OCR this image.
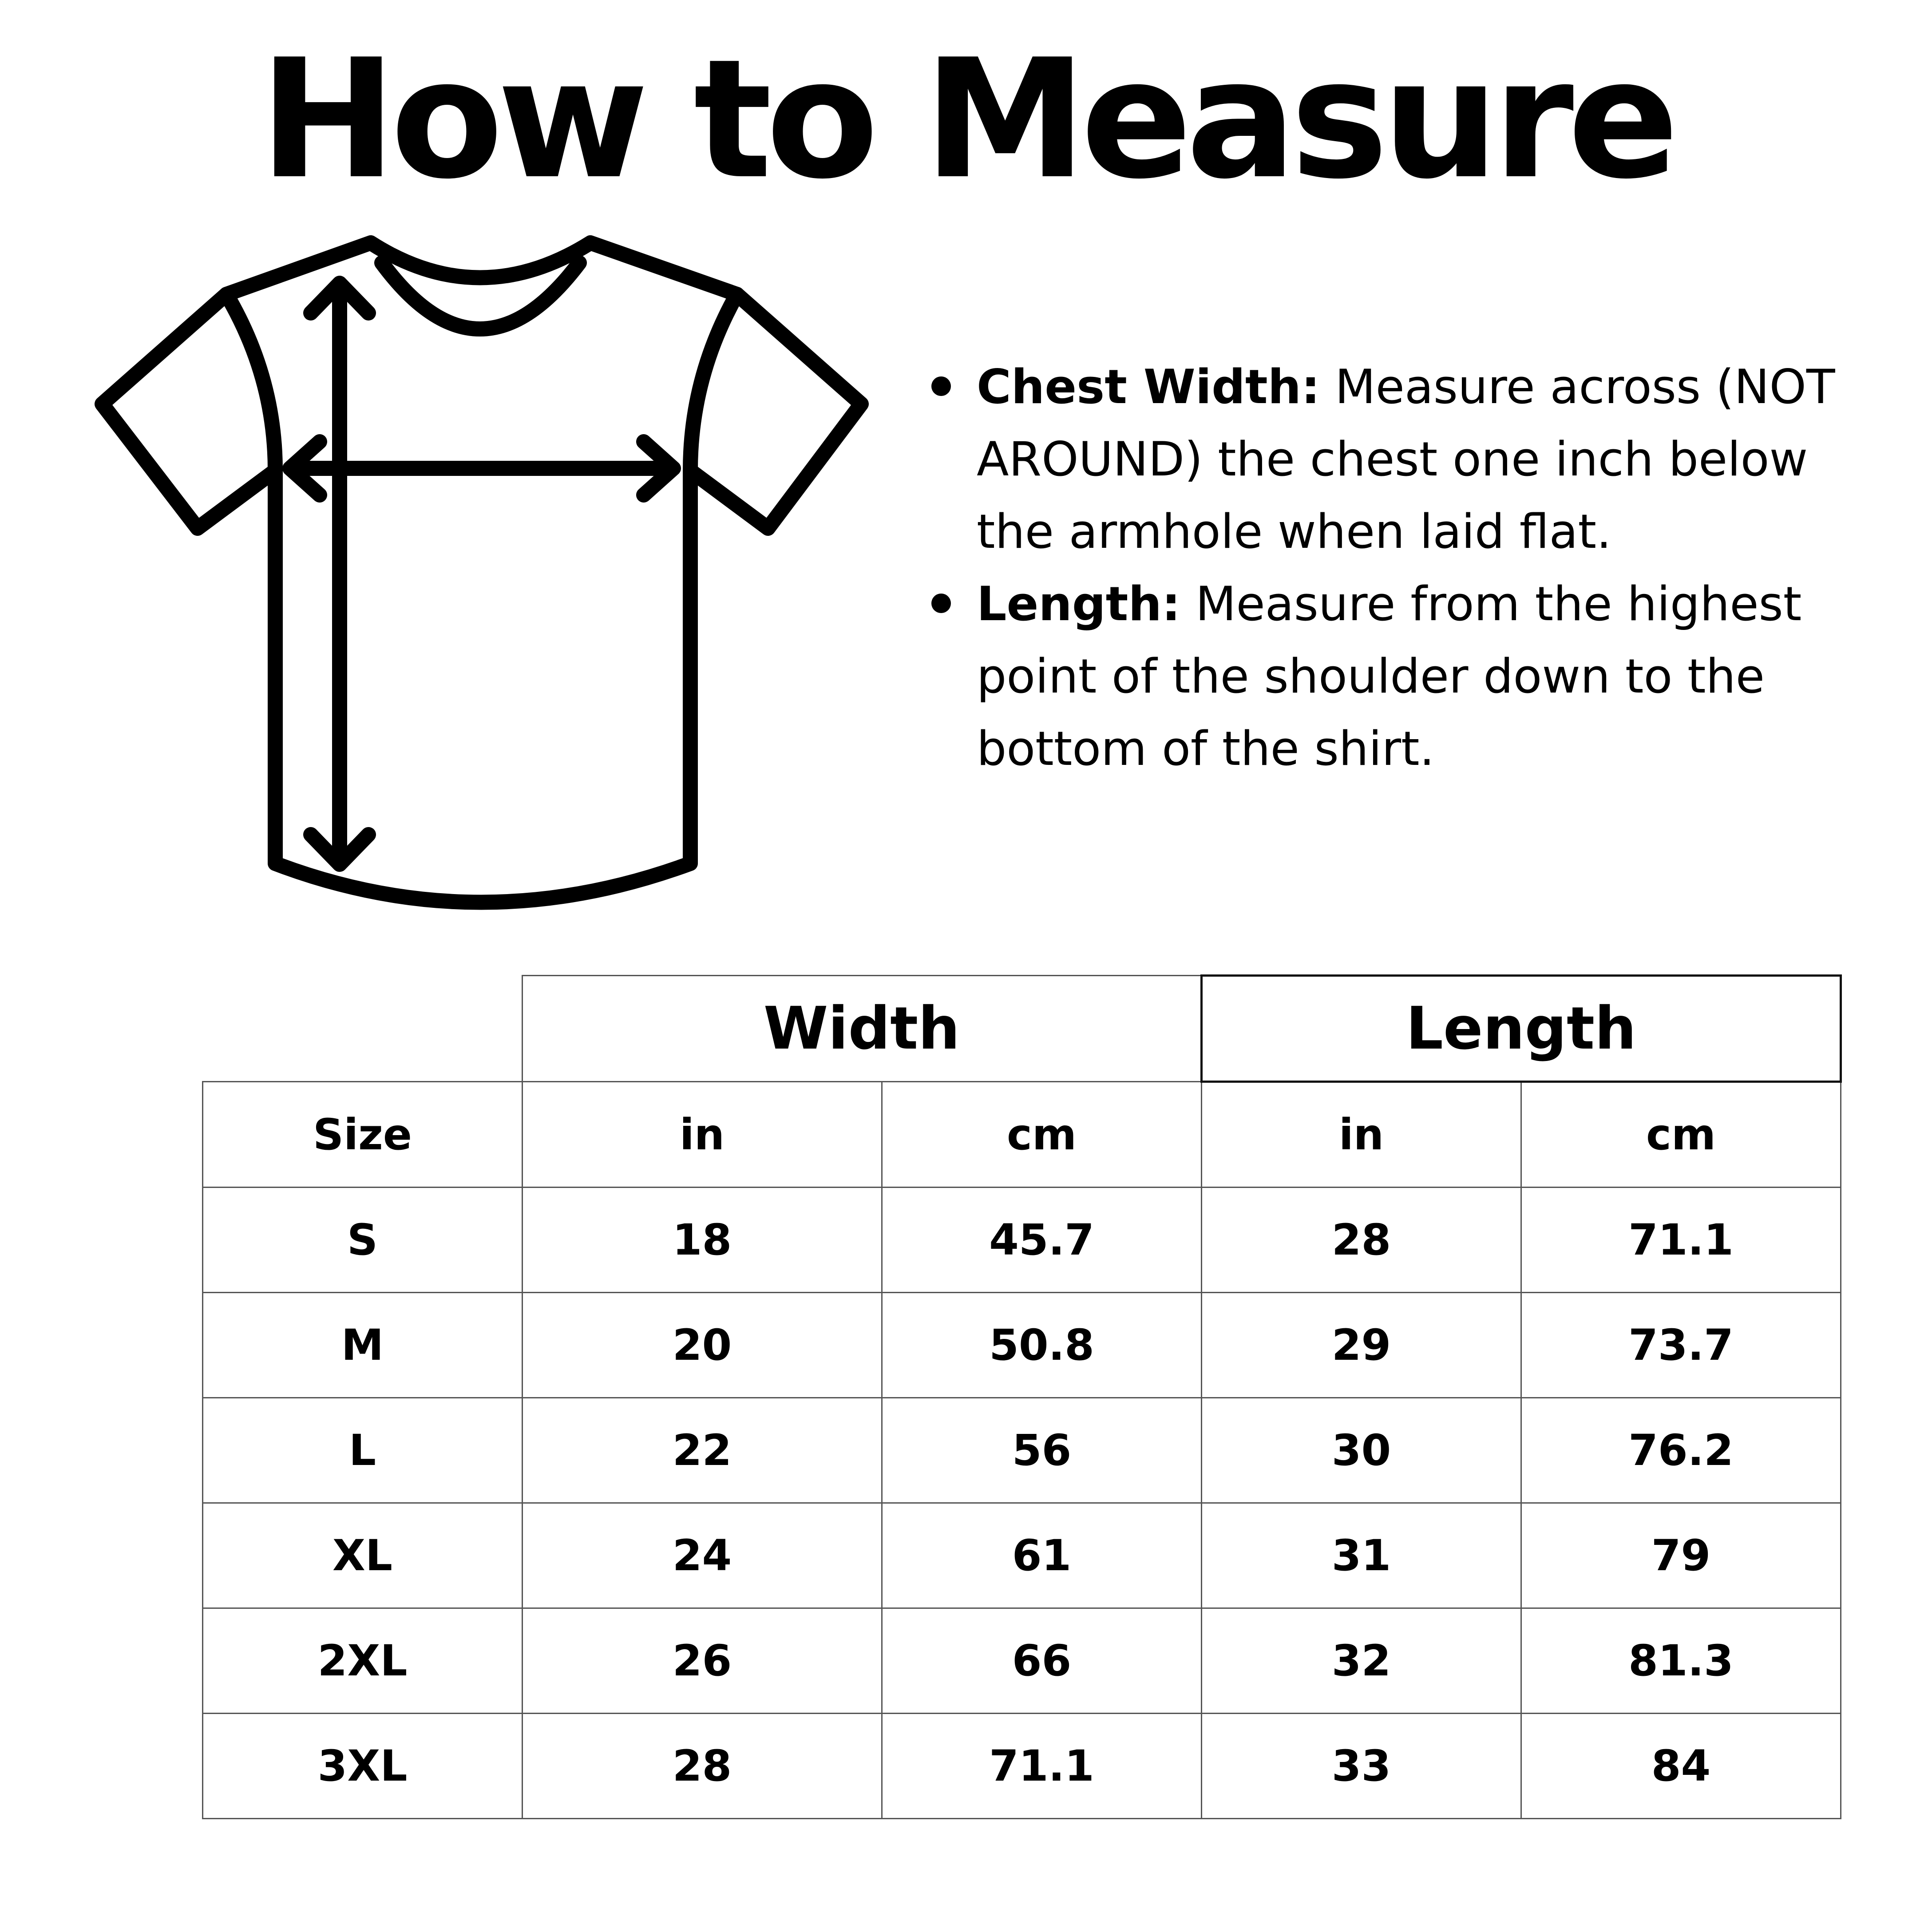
How to Measure
Chest Width: Measure across (NOT AROUND) the chest one inch below the armhole when laid flat.
Length: Measure from the highest point of the shoulder down to the bottom of the shirt.
	Width		Length	
Size	in	cm	in	cm
S	18	45.7	28	71.1
M	20	50.8	29	73.7
L	22	56	30	76.2
XL	24	61	31	79
2XL	26	66	32	81.3
3XL	28	71.1	33	84
